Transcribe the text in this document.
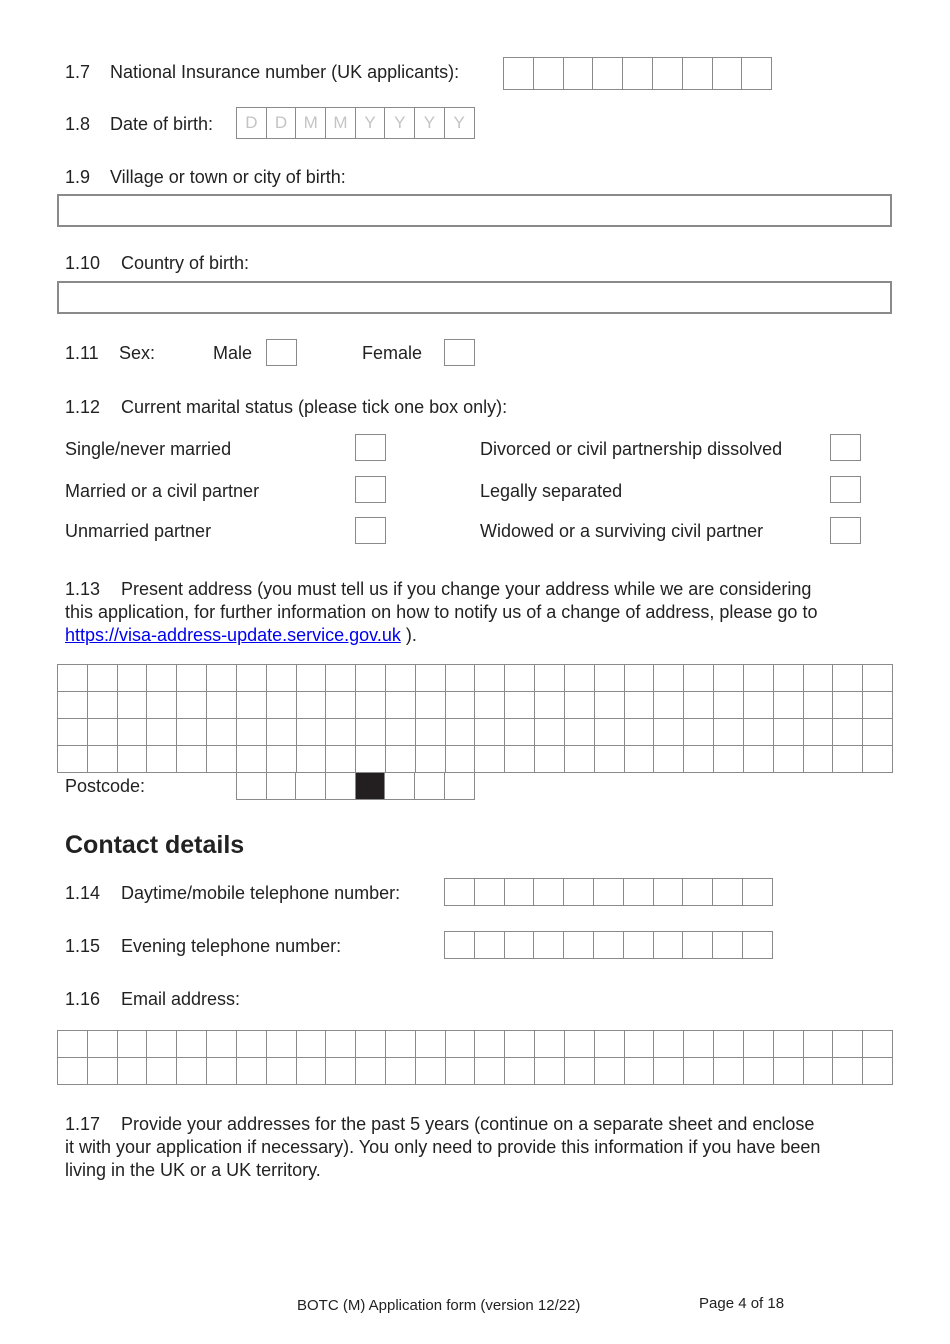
1.7 National Insurance number (UK applicants):
1.8 Date of birth:	D	D M M Y	Y	Y	Y
1.9 Village or town or city of birth:
1.10 Country of birth:
1.11 Sex:	Male	Female
1.12 Current marital status (please tick one box only):
Single/never married	Divorced or civil partnership dissolved
Married or a civil partner	Legally separated
Unmarried partner	Widowed or a surviving civil partner
1.13 Present address (you must tell us if you change your address while we are considering
this application, for further information on how to notify us of a change of address, please go to
https://visa-address-update.service.gov.uk ).
Postcode:
Contact details
1.14 Daytime/mobile telephone number:
1.15 Evening telephone number:
1.16 Email address:
1.17 Provide your addresses for the past 5 years (continue on a separate sheet and enclose
it with your application if necessary). You only need to provide this information if you have been
living in the UK or a UK territory.
BOTC (M) Application form (version 12/22)	Page 4 of 18
